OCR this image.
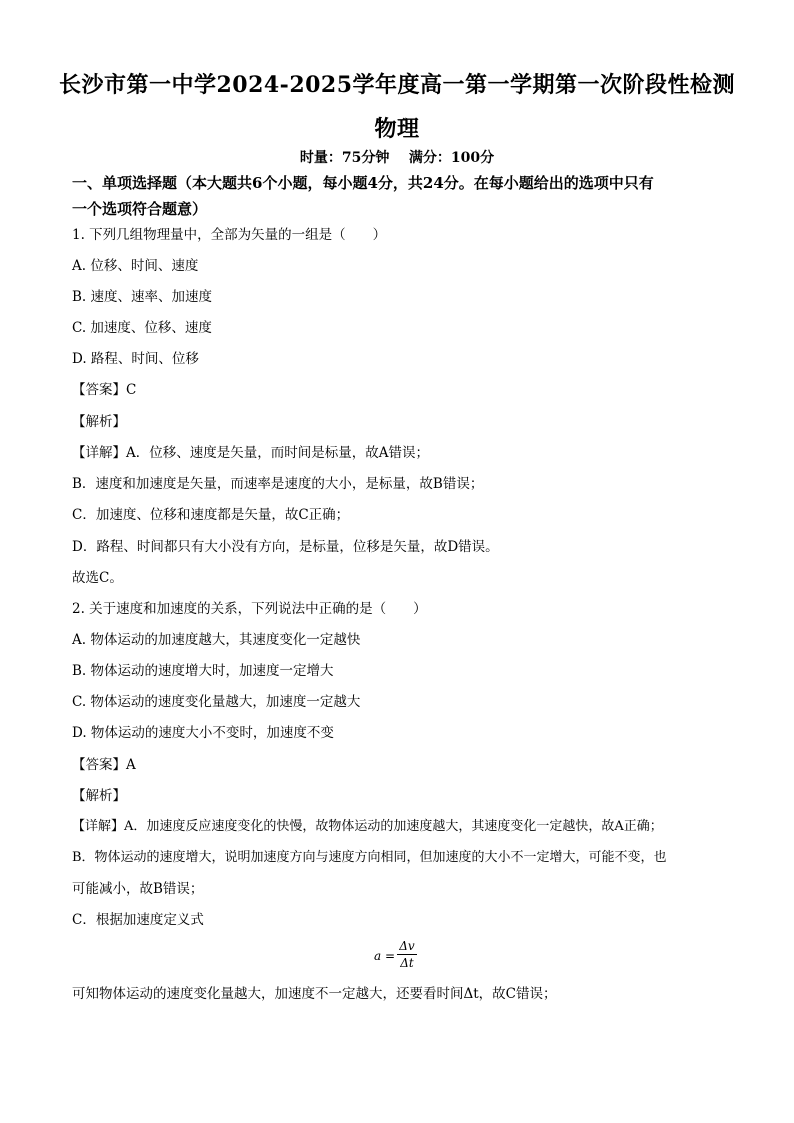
长沙市第一中学2024-2025学年度高一第一学期第一次阶段性检测
物理
时量：75分钟    满分：100分
一、单项选择题（本大题共6个小题，每小题4分，共24分。在每小题给出的选项中只有
一个选项符合题意）
1. 下列几组物理量中，全部为矢量的一组是（　　）
A. 位移、时间、速度
B. 速度、速率、加速度
C. 加速度、位移、速度
D. 路程、时间、位移
【答案】C
【解析】
【详解】A．位移、速度是矢量，而时间是标量，故A错误；
B．速度和加速度是矢量，而速率是速度的大小，是标量，故B错误；
C．加速度、位移和速度都是矢量，故C正确；
D．路程、时间都只有大小没有方向，是标量，位移是矢量，故D错误。
故选C。
2. 关于速度和加速度的关系，下列说法中正确的是（　　）
A. 物体运动的加速度越大，其速度变化一定越快
B. 物体运动的速度增大时，加速度一定增大
C. 物体运动的速度变化量越大，加速度一定越大
D. 物体运动的速度大小不变时，加速度不变
【答案】A
【解析】
【详解】A．加速度反应速度变化的快慢，故物体运动的加速度越大，其速度变化一定越快，故A正确；
B．物体运动的速度增大，说明加速度方向与速度方向相同，但加速度的大小不一定增大，可能不变，也
可能减小，故B错误；
C．根据加速度定义式
a =
Δv
Δt
可知物体运动的速度变化量越大，加速度不一定越大，还要看时间Δt，故C错误；
